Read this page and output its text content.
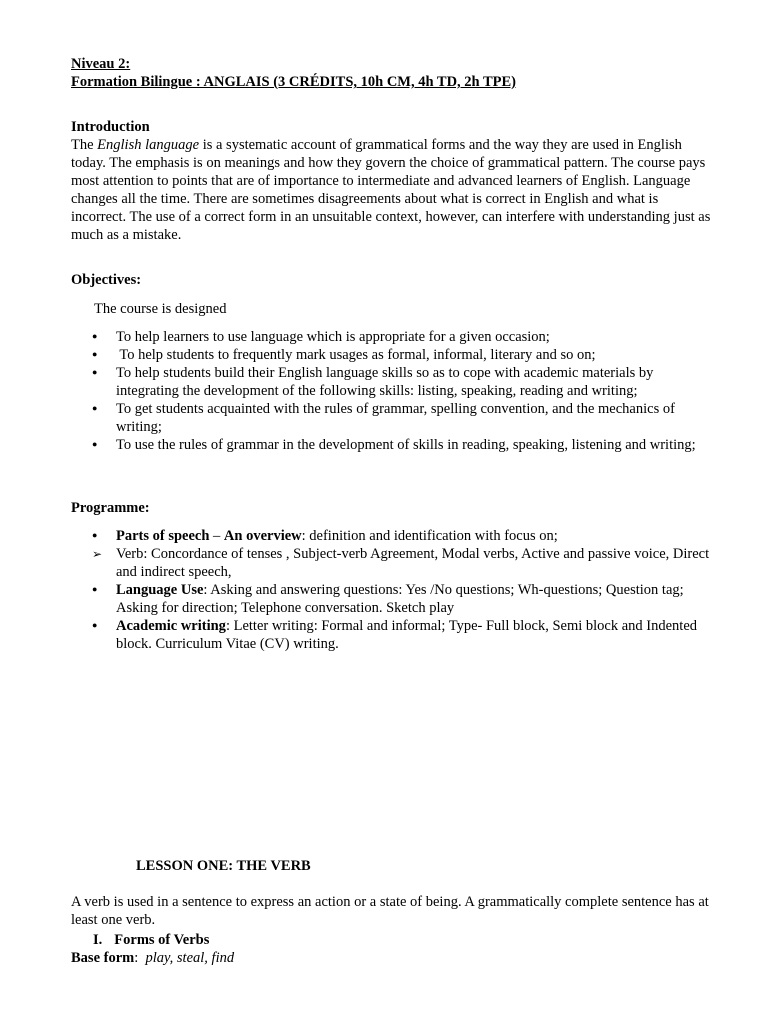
Niveau 2:
Formation Bilingue : ANGLAIS (3 CRÉDITS, 10h CM, 4h TD, 2h TPE)
Introduction
The English language is a systematic account of grammatical forms and the way they are used in English today. The emphasis is on meanings and how they govern the choice of grammatical pattern. The course pays most attention to points that are of importance to intermediate and advanced learners of English. Language changes all the time. There are sometimes disagreements about what is correct in English and what is incorrect. The use of a correct form in an unsuitable context, however, can interfere with understanding just as much as a mistake.
Objectives:
The course is designed
●
To help learners to use language which is appropriate for a given occasion;
●
To help students to frequently mark usages as formal, informal, literary and so on;
●
To help students build their English language skills so as to cope with academic materials by integrating the development of the following skills: listing, speaking, reading and writing;
●
To get students acquainted with the rules of grammar, spelling convention, and the mechanics of writing;
●
To use the rules of grammar in the development of skills in reading, speaking, listening and writing;
Programme:
●
Parts of speech – An overview: definition and identification with focus on;
➢
Verb: Concordance of tenses , Subject-verb Agreement, Modal verbs, Active and passive voice, Direct and indirect speech,
●
Language Use: Asking and answering questions: Yes /No questions; Wh-questions; Question tag; Asking for direction; Telephone conversation. Sketch play
●
Academic writing: Letter writing: Formal and informal; Type- Full block, Semi block and Indented block. Curriculum Vitae (CV) writing.
LESSON ONE: THE VERB
A verb is used in a sentence to express an action or a state of being. A grammatically complete sentence has at least one verb.
I. Forms of Verbs
Base form:  play, steal, find
